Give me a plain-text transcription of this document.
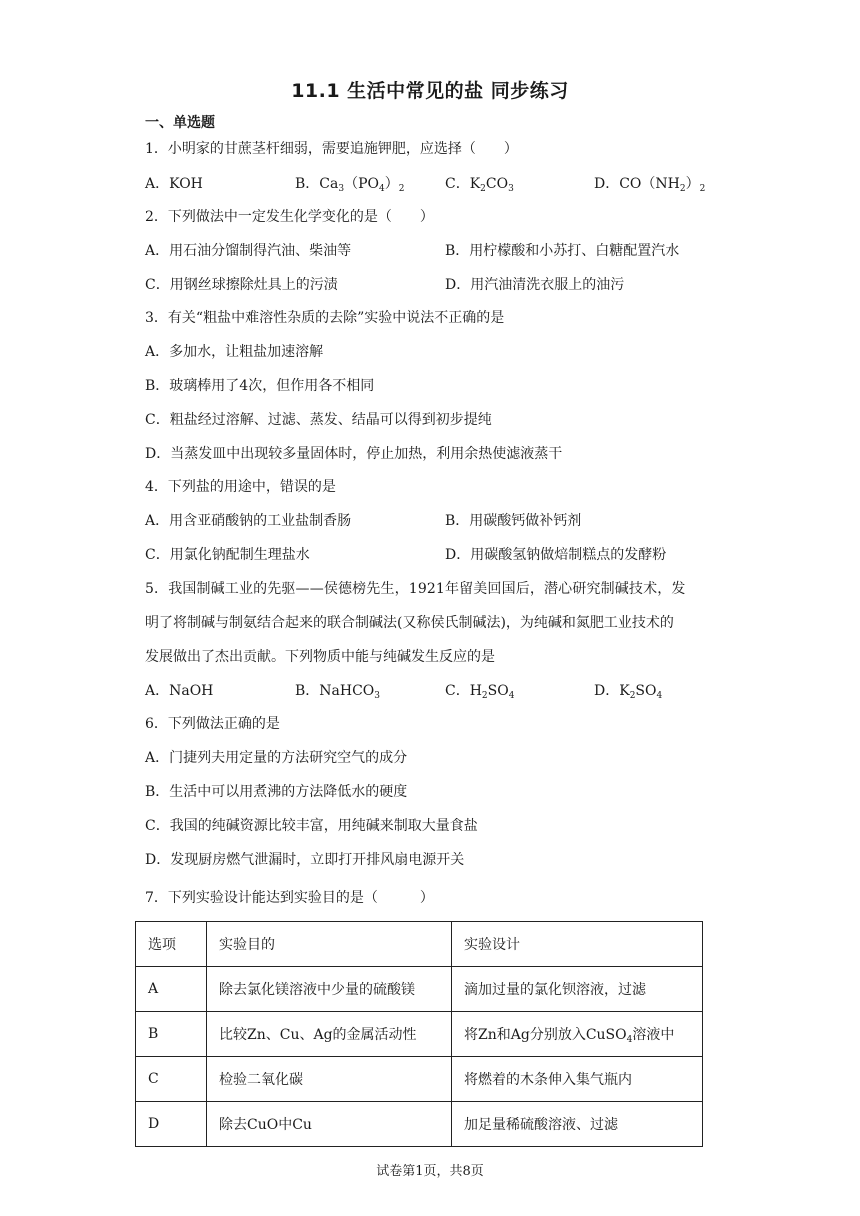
11.1 生活中常见的盐 同步练习
一、单选题
1．小明家的甘蔗茎杆细弱，需要追施钾肥，应选择（　　）
A．KOH	B．$Ca_3(PO_4)_2$	C．$K_2CO_3$	D．$CO(NH_2)_2$
2．下列做法中一定发生化学变化的是（　　）
A．用石油分馏制得汽油、柴油等	B．用柠檬酸和小苏打、白糖配置汽水
C．用钢丝球擦除灶具上的污渍	D．用汽油清洗衣服上的油污
3．有关“粗盐中难溶性杂质的去除”实验中说法不正确的是
A．多加水，让粗盐加速溶解
B．玻璃棒用了4次，但作用各不相同
C．粗盐经过溶解、过滤、蒸发、结晶可以得到初步提纯
D．当蒸发皿中出现较多量固体时，停止加热，利用余热使滤液蒸干
4．下列盐的用途中，错误的是
A．用含亚硝酸钠的工业盐制香肠	B．用碳酸钙做补钙剂
C．用氯化钠配制生理盐水	D．用碳酸氢钠做焙制糕点的发酵粉
5．我国制碱工业的先驱——侯德榜先生，1921年留美回国后，潜心研究制碱技术，发
明了将制碱与制氨结合起来的联合制碱法(又称侯氏制碱法)，为纯碱和氮肥工业技术的
发展做出了杰出贡献。下列物质中能与纯碱发生反应的是
A．NaOH	B．NaHCO$_3$	C．$H_2SO_4$	D．$K_2SO_4$
6．下列做法正确的是
A．门捷列夫用定量的方法研究空气的成分
B．生活中可以用煮沸的方法降低水的硬度
C．我国的纯碱资源比较丰富，用纯碱来制取大量食盐
D．发现厨房燃气泄漏时，立即打开排风扇电源开关
7．下列实验设计能达到实验目的是（　　　）
选项	实验目的	实验设计
A	除去氯化镁溶液中少量的硫酸镁	滴加过量的氯化钡溶液，过滤
B	比较Zn、Cu、Ag的金属活动性	将Zn和Ag分别放入CuSO$_4$溶液中
C	检验二氧化碳	将燃着的木条伸入集气瓶内
D	除去CuO中Cu	加足量稀硫酸溶液、过滤
试卷第1页，共8页
